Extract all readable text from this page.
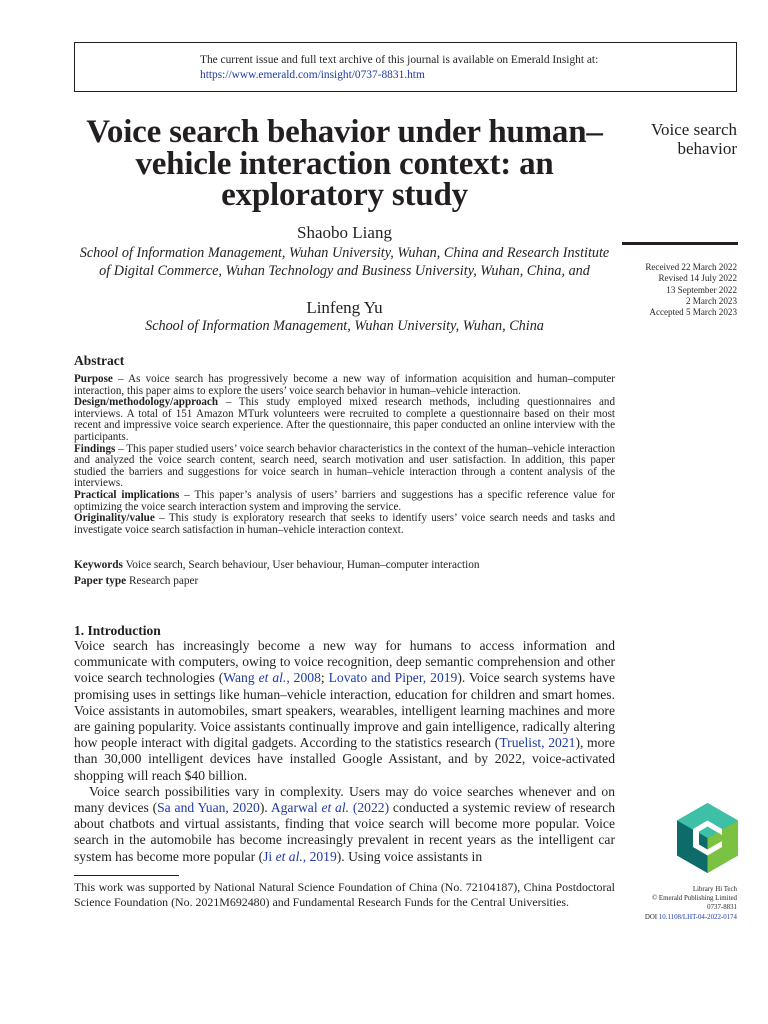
The current issue and full text archive of this journal is available on Emerald Insight at:
https://www.emerald.com/insight/0737-8831.htm
Voice search behavior under human–vehicle interaction context: an exploratory study
Voice search behavior
Received 22 March 2022
Revised 14 July 2022
13 September 2022
2 March 2023
Accepted 5 March 2023
Shaobo Liang
School of Information Management, Wuhan University, Wuhan, China and Research Institute of Digital Commerce, Wuhan Technology and Business University, Wuhan, China, and
Linfeng Yu
School of Information Management, Wuhan University, Wuhan, China
Abstract

Purpose – As voice search has progressively become a new way of information acquisition and human–computer interaction, this paper aims to explore the users’ voice search behavior in human–vehicle interaction.

Design/methodology/approach – This study employed mixed research methods, including questionnaires and interviews. A total of 151 Amazon MTurk volunteers were recruited to complete a questionnaire based on their most recent and impressive voice search experience. After the questionnaire, this paper conducted an online interview with the participants.

Findings – This paper studied users’ voice search behavior characteristics in the context of the human–vehicle interaction and analyzed the voice search content, search need, search motivation and user satisfaction. In addition, this paper studied the barriers and suggestions for voice search in human–vehicle interaction through a content analysis of the interviews.

Practical implications – This paper’s analysis of users’ barriers and suggestions has a specific reference value for optimizing the voice search interaction system and improving the service.

Originality/value – This study is exploratory research that seeks to identify users’ voice search needs and tasks and investigate voice search satisfaction in human–vehicle interaction context.

Keywords Voice search, Search behaviour, User behaviour, Human–computer interaction
Paper type Research paper
1. Introduction

Voice search has increasingly become a new way for humans to access information and communicate with computers, owing to voice recognition, deep semantic comprehension and other voice search technologies (Wang et al., 2008; Lovato and Piper, 2019). Voice search systems have promising uses in settings like human–vehicle interaction, education for children and smart homes. Voice assistants in automobiles, smart speakers, wearables, intelligent learning machines and more are gaining popularity. Voice assistants continually improve and gain intelligence, radically altering how people interact with digital gadgets. According to the statistics research (Truelist, 2021), more than 30,000 intelligent devices have installed Google Assistant, and by 2022, voice-activated shopping will reach $40 billion.

Voice search possibilities vary in complexity. Users may do voice searches whenever and on many devices (Sa and Yuan, 2020). Agarwal et al. (2022) conducted a systemic review of research about chatbots and virtual assistants, finding that voice search will become more popular. Voice search in the automobile has become increasingly prevalent in recent years as the intelligent car system has become more popular (Ji et al., 2019). Using voice assistants in

This work was supported by National Natural Science Foundation of China (No. 72104187), China Postdoctoral Science Foundation (No. 2021M692480) and Fundamental Research Funds for the Central Universities.
Library Hi Tech
© Emerald Publishing Limited
0737-8831
DOI 10.1108/LHT-04-2022-0174
